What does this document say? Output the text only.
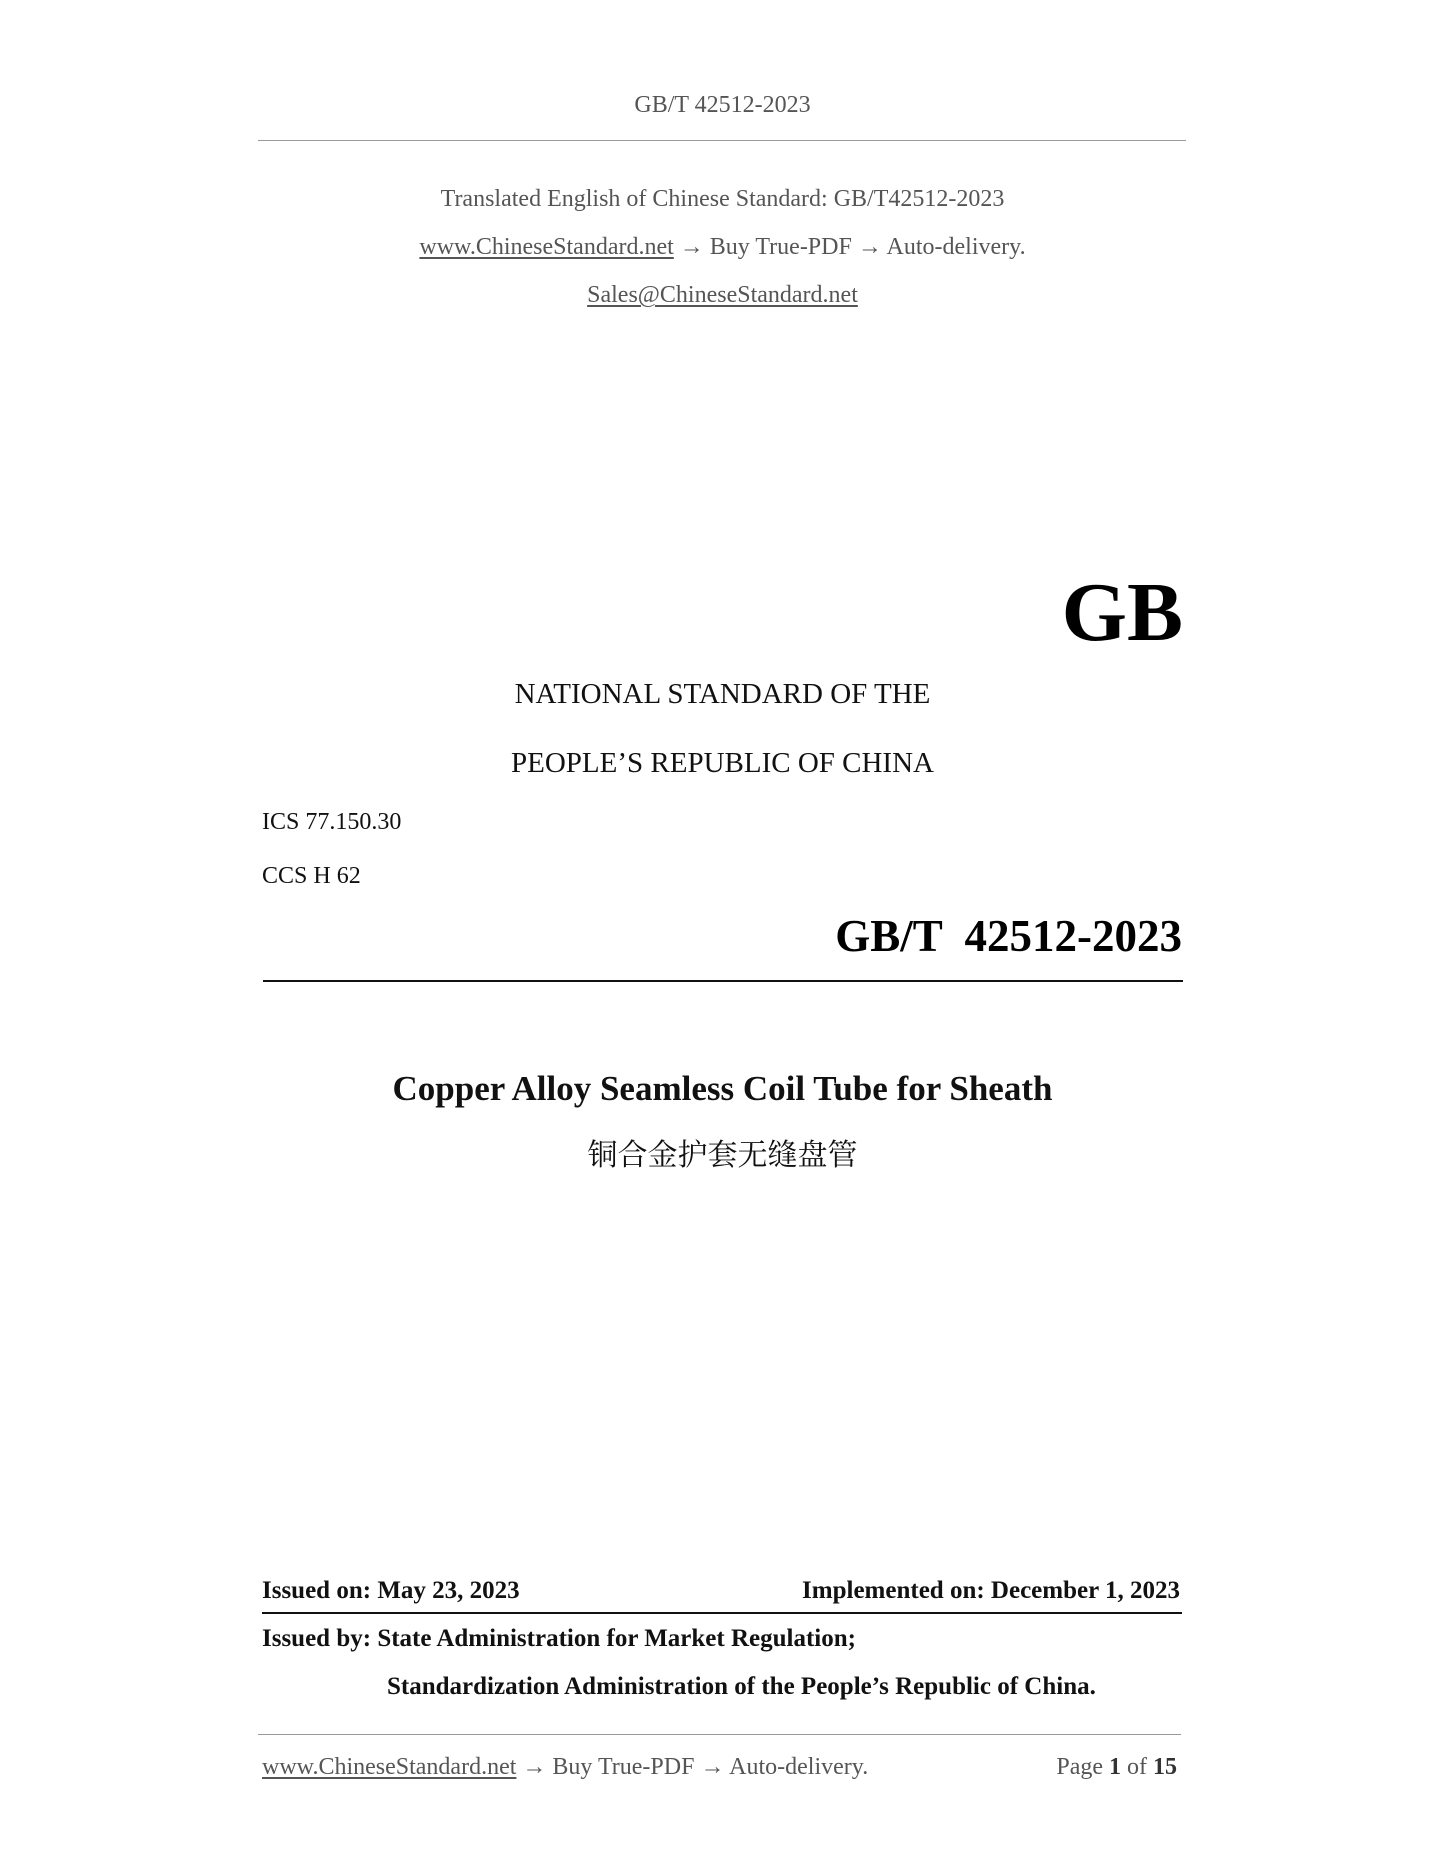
GB/T 42512-2023
Translated English of Chinese Standard: GB/T42512-2023
www.ChineseStandard.net → Buy True-PDF → Auto-delivery.
Sales@ChineseStandard.net
GB
NATIONAL STANDARD OF THE
PEOPLE’S REPUBLIC OF CHINA
ICS 77.150.30
CCS H 62
GB/T  42512-2023
Copper Alloy Seamless Coil Tube for Sheath
铜合金护套无缝盘管
Issued on: May 23, 2023	Implemented on: December 1, 2023
Issued by: State Administration for Market Regulation;
Standardization Administration of the People’s Republic of China.
www.ChineseStandard.net → Buy True-PDF → Auto-delivery.	Page 1 of 15
